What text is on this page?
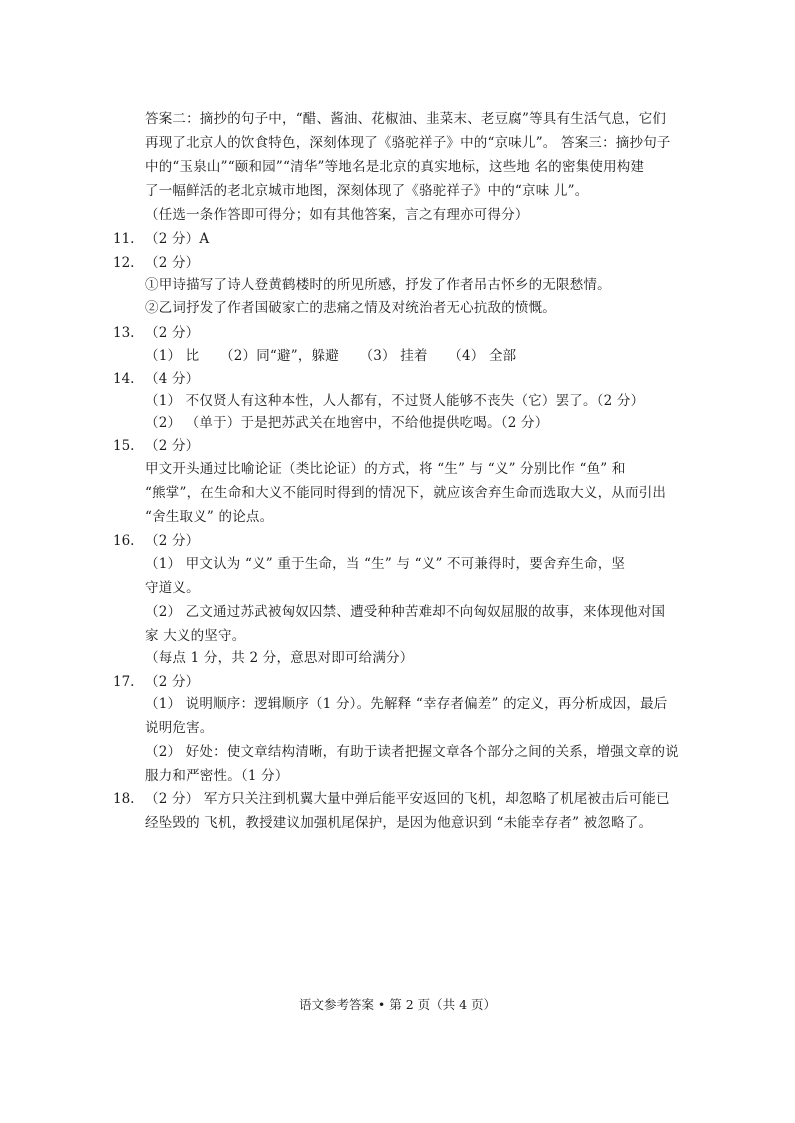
答案二：摘抄的句子中，“醋、酱油、花椒油、韭菜末、老豆腐”等具有生活气息，它们
再现了北京人的饮食特色，深刻体现了《骆驼祥子》中的“京味儿”。 答案三：摘抄句子
中的“玉泉山”“颐和园”“清华”等地名是北京的真实地标，这些地 名的密集使用构建
了一幅鲜活的老北京城市地图，深刻体现了《骆驼祥子》中的“京味 儿”。
（任选一条作答即可得分；如有其他答案，言之有理亦可得分）
11. （2 分）A
12. （2 分）
①甲诗描写了诗人登黄鹤楼时的所见所感，抒发了作者吊古怀乡的无限愁情。
②乙词抒发了作者国破家亡的悲痛之情及对统治者无心抗敌的愤慨。
13. （2 分）
（1） 比　　（2）同“避”，躲避　　（3） 挂着　　（4） 全部
14. （4 分）
（1） 不仅贤人有这种本性，人人都有，不过贤人能够不丧失（它）罢了。（2 分）
（2） （单于）于是把苏武关在地窖中，不给他提供吃喝。（2 分）
15. （2 分）
甲文开头通过比喻论证（类比论证）的方式，将 “生” 与 “义” 分别比作 “鱼” 和
“熊掌”，在生命和大义不能同时得到的情况下，就应该舍弃生命而选取大义，从而引出
“舍生取义” 的论点。
16. （2 分）
（1） 甲文认为 “义” 重于生命，当 “生” 与 “义” 不可兼得时，要舍弃生命，坚
守道义。
（2） 乙文通过苏武被匈奴囚禁、遭受种种苦难却不向匈奴屈服的故事，来体现他对国
家 大义的坚守。
（每点 1 分，共 2 分，意思对即可给满分）
17. （2 分）
（1） 说明顺序：逻辑顺序（1 分）。先解释 “幸存者偏差” 的定义，再分析成因，最后
说明危害。
（2） 好处：使文章结构清晰，有助于读者把握文章各个部分之间的关系，增强文章的说
服力和严密性。（1 分）
18. （2 分） 军方只关注到机翼大量中弹后能平安返回的飞机，却忽略了机尾被击后可能已
经坠毁的 飞机，教授建议加强机尾保护，是因为他意识到 “未能幸存者” 被忽略了。
语文参考答案 • 第 2 页（共 4 页）
